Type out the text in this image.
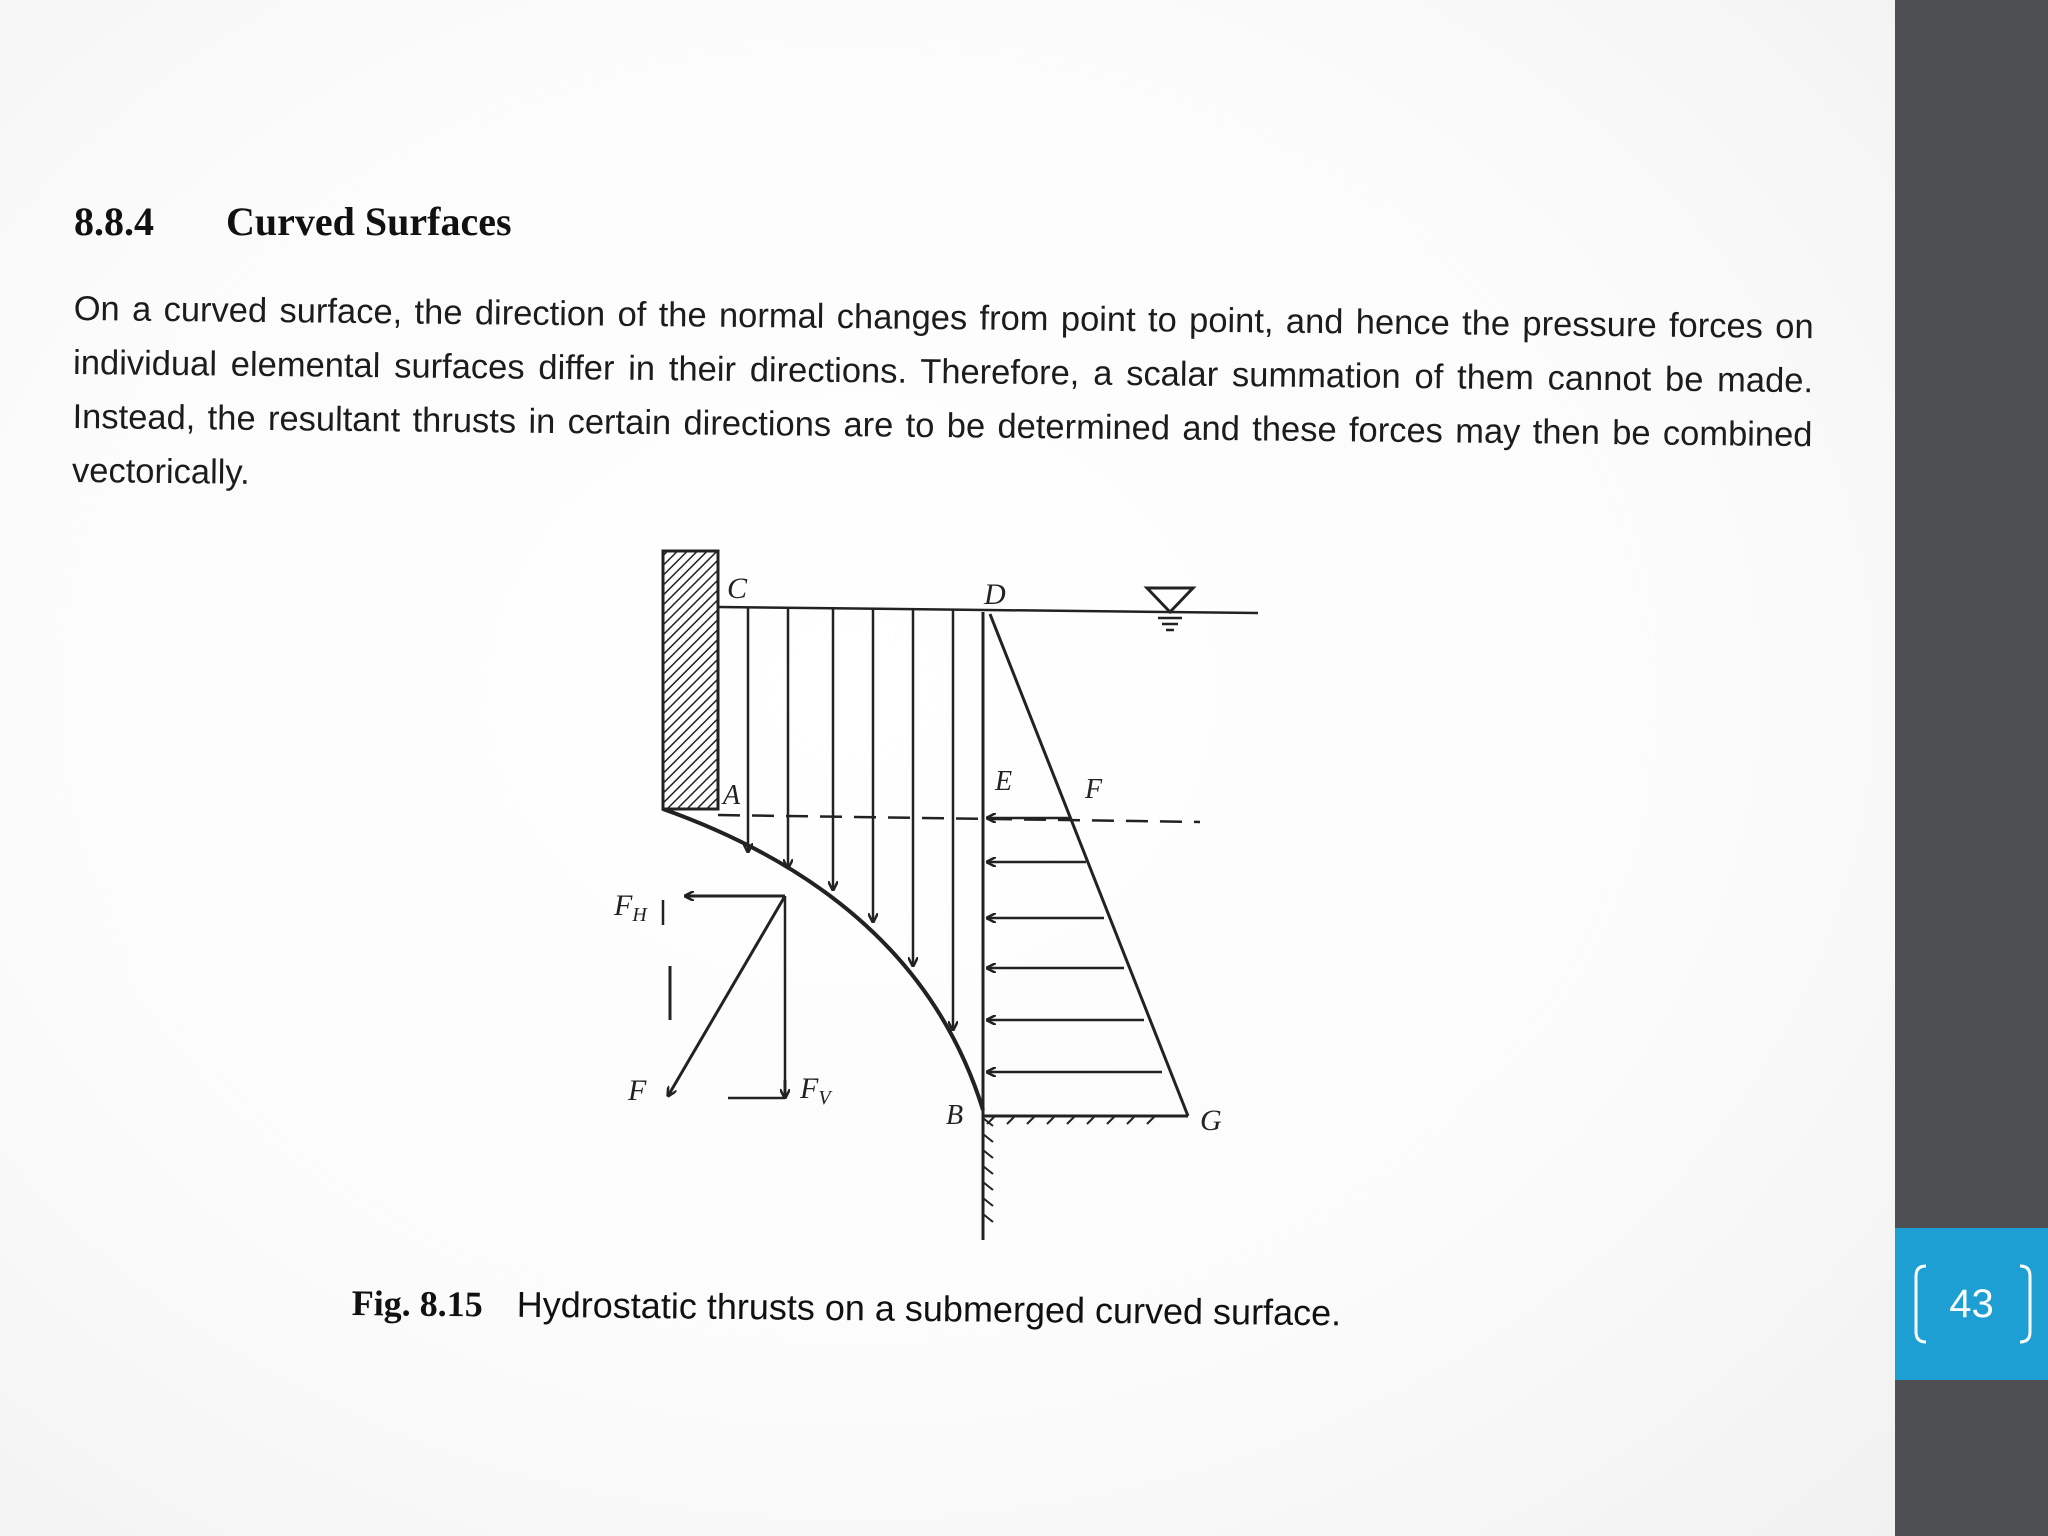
8.8.4 Curved Surfaces

On a curved surface, the direction of the normal changes from point to point, and hence the pressure forces on individual elemental surfaces differ in their directions. Therefore, a scalar summation of them cannot be made. Instead, the resultant thrusts in certain directions are to be determined and these forces may then be combined vectorically.

C	D
A	E	F
B	G
$F_H$
F	$F_V$
Fig. 8.15 Hydrostatic thrusts on a submerged curved surface.	43
